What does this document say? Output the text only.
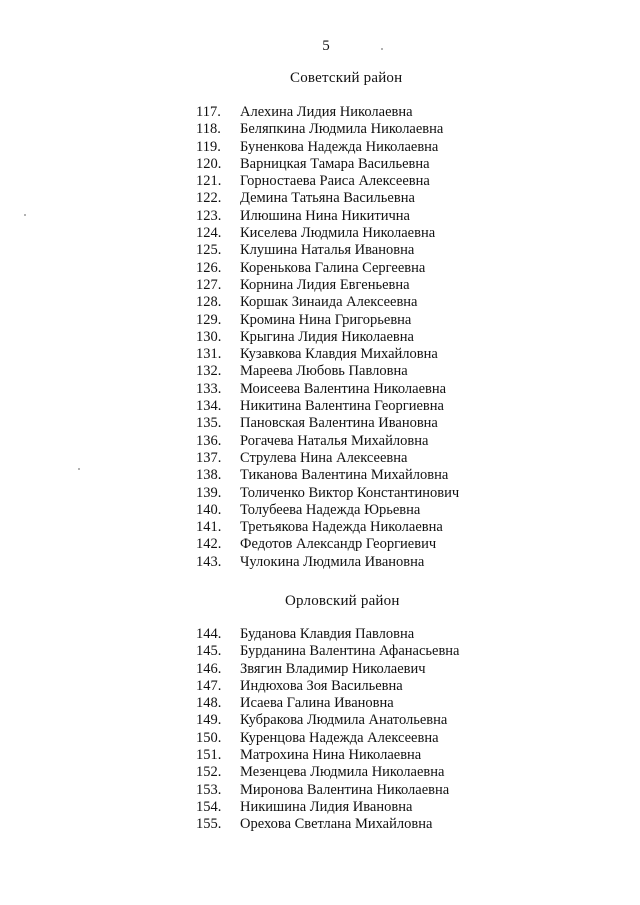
5
Советский район
117.	Алехина Лидия Николаевна
118.	Беляпкина Людмила Николаевна
119.	Буненкова Надежда Николаевна
120.	Варницкая Тамара Васильевна
121.	Горностаева Раиса Алексеевна
122.	Демина Татьяна Васильевна
123.	Илюшина Нина Никитична
124.	Киселева Людмила Николаевна
125.	Клушина Наталья Ивановна
126.	Кореньковa Галина Сергеевна
127.	Корнина Лидия Евгеньевна
128.	Коршак Зинаида Алексеевна
129.	Кромина Нина Григорьевна
130.	Крыгина Лидия Николаевна
131.	Кузавкова Клавдия Михайловна
132.	Мареева Любовь Павловна
133.	Моисеева Валентина Николаевна
134.	Никитина Валентина Георгиевна
135.	Пановская Валентина Ивановна
136.	Рогачева Наталья Михайловна
137.	Струлева Нина Алексеевна
138.	Тиканова Валентина Михайловна
139.	Толиченко Виктор Константинович
140.	Толубеева Надежда Юрьевна
141.	Третьякова Надежда Николаевна
142.	Федотов Александр Георгиевич
143.	Чулокина Людмила Ивановна
Орловский район
144.	Буданова Клавдия Павловна
145.	Бурданина Валентина Афанасьевна
146.	Звягин Владимир Николаевич
147.	Индюхова Зоя Васильевна
148.	Исаева Галина Ивановна
149.	Кубракова Людмила Анатольевна
150.	Куренцова Надежда Алексеевна
151.	Матрохина Нина Николаевна
152.	Мезенцева Людмила Николаевна
153.	Миронова Валентина Николаевна
154.	Никишина Лидия Ивановна
155.	Орехова Светлана Михайловна
